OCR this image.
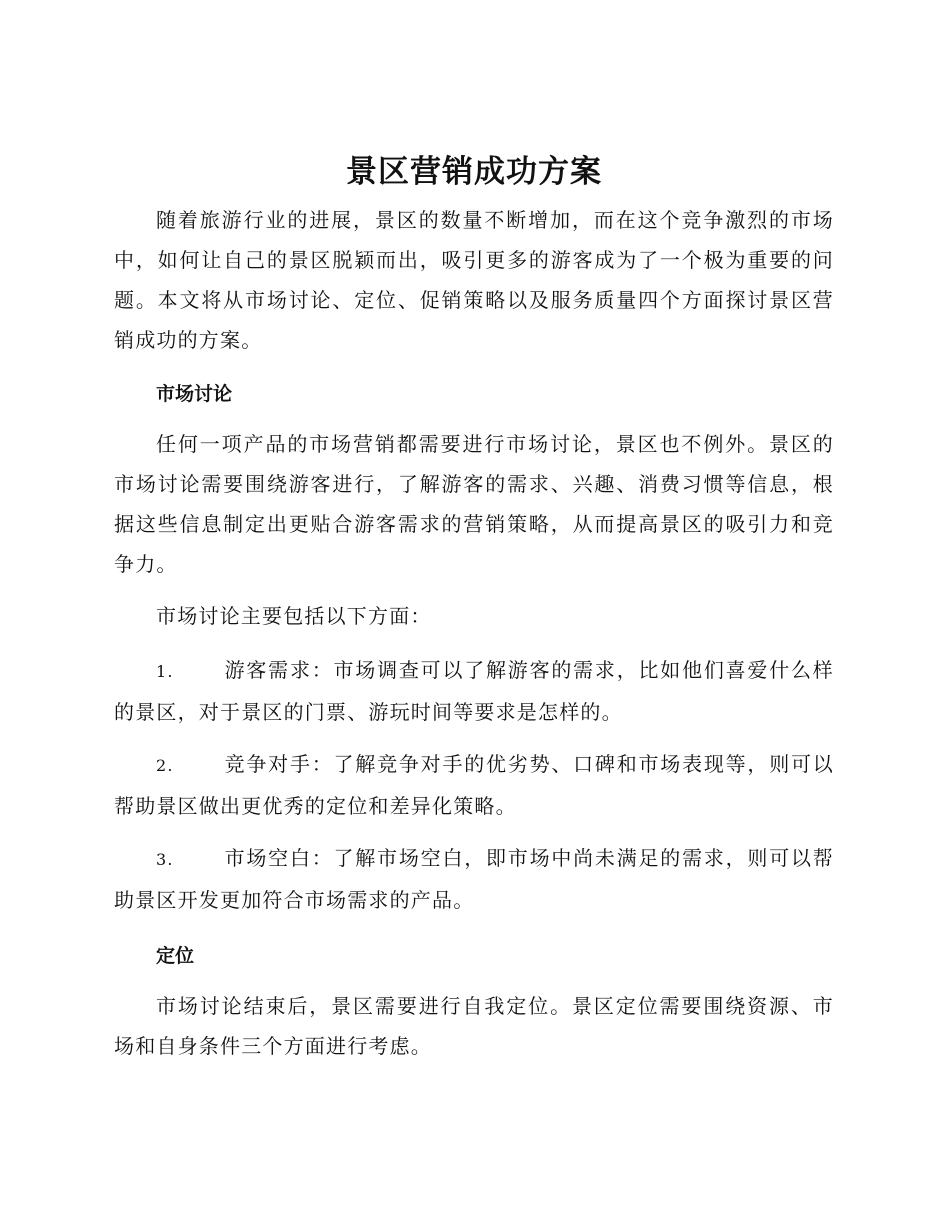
景区营销成功方案

随着旅游行业的进展，景区的数量不断增加，而在这个竞争激烈的市场中，如何让自己的景区脱颖而出，吸引更多的游客成为了一个极为重要的问题。本文将从市场讨论、定位、促销策略以及服务质量四个方面探讨景区营销成功的方案。

市场讨论

任何一项产品的市场营销都需要进行市场讨论，景区也不例外。景区的市场讨论需要围绕游客进行，了解游客的需求、兴趣、消费习惯等信息，根据这些信息制定出更贴合游客需求的营销策略，从而提高景区的吸引力和竞争力。

市场讨论主要包括以下方面：

1.	游客需求：市场调查可以了解游客的需求，比如他们喜爱什么样的景区，对于景区的门票、游玩时间等要求是怎样的。
2.	竞争对手：了解竞争对手的优劣势、口碑和市场表现等，则可以帮助景区做出更优秀的定位和差异化策略。
3.	市场空白：了解市场空白，即市场中尚未满足的需求，则可以帮助景区开发更加符合市场需求的产品。
定位

市场讨论结束后，景区需要进行自我定位。景区定位需要围绕资源、市场和自身条件三个方面进行考虑。
